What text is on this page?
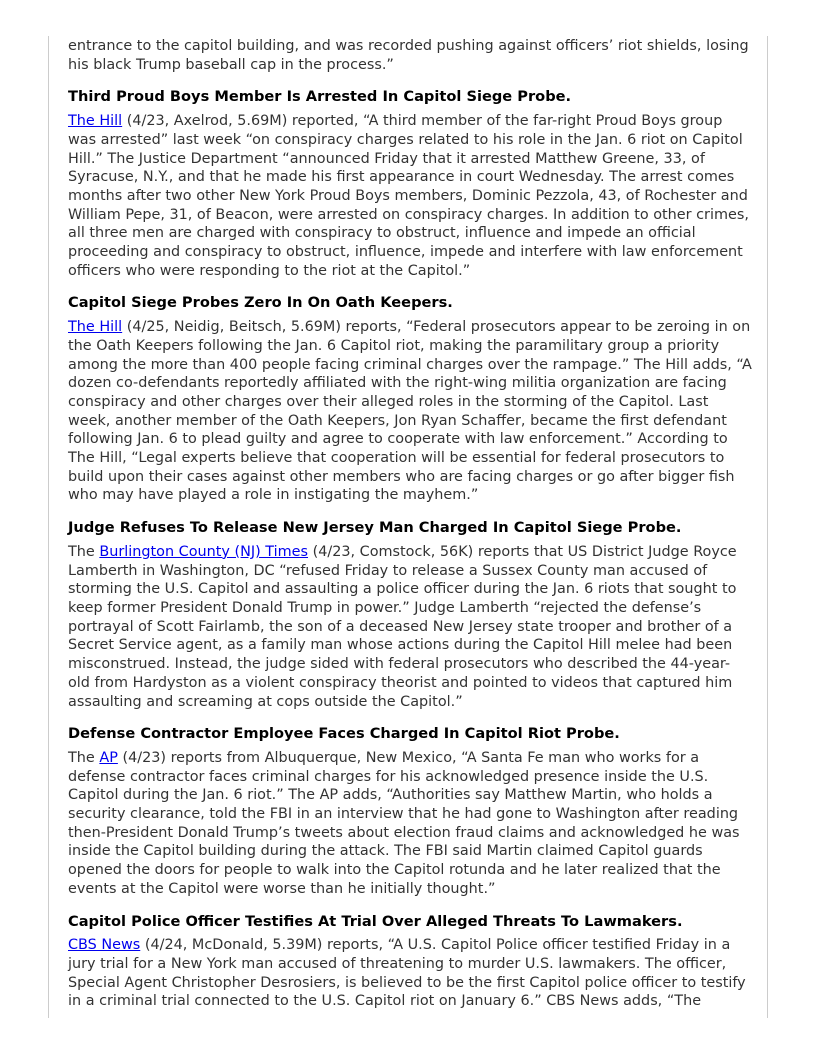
entrance to the capitol building, and was recorded pushing against officers’ riot shields, losing his black Trump baseball cap in the process.”

Third Proud Boys Member Is Arrested In Capitol Siege Probe.

The Hill (4/23, Axelrod, 5.69M) reported, “A third member of the far-right Proud Boys group was arrested” last week “on conspiracy charges related to his role in the Jan. 6 riot on Capitol Hill.” The Justice Department “announced Friday that it arrested Matthew Greene, 33, of Syracuse, N.Y., and that he made his first appearance in court Wednesday. The arrest comes months after two other New York Proud Boys members, Dominic Pezzola, 43, of Rochester and William Pepe, 31, of Beacon, were arrested on conspiracy charges. In addition to other crimes, all three men are charged with conspiracy to obstruct, influence and impede an official proceeding and conspiracy to obstruct, influence, impede and interfere with law enforcement officers who were responding to the riot at the Capitol.”

Capitol Siege Probes Zero In On Oath Keepers.

The Hill (4/25, Neidig, Beitsch, 5.69M) reports, “Federal prosecutors appear to be zeroing in on the Oath Keepers following the Jan. 6 Capitol riot, making the paramilitary group a priority among the more than 400 people facing criminal charges over the rampage.” The Hill adds, “A dozen co-defendants reportedly affiliated with the right-wing militia organization are facing conspiracy and other charges over their alleged roles in the storming of the Capitol. Last week, another member of the Oath Keepers, Jon Ryan Schaffer, became the first defendant following Jan. 6 to plead guilty and agree to cooperate with law enforcement.” According to The Hill, “Legal experts believe that cooperation will be essential for federal prosecutors to build upon their cases against other members who are facing charges or go after bigger fish who may have played a role in instigating the mayhem.”

Judge Refuses To Release New Jersey Man Charged In Capitol Siege Probe.

The Burlington County (NJ) Times (4/23, Comstock, 56K) reports that US District Judge Royce Lamberth in Washington, DC “refused Friday to release a Sussex County man accused of storming the U.S. Capitol and assaulting a police officer during the Jan. 6 riots that sought to keep former President Donald Trump in power.” Judge Lamberth “rejected the defense’s portrayal of Scott Fairlamb, the son of a deceased New Jersey state trooper and brother of a Secret Service agent, as a family man whose actions during the Capitol Hill melee had been misconstrued. Instead, the judge sided with federal prosecutors who described the 44-year-old from Hardyston as a violent conspiracy theorist and pointed to videos that captured him assaulting and screaming at cops outside the Capitol.”

Defense Contractor Employee Faces Charged In Capitol Riot Probe.

The AP (4/23) reports from Albuquerque, New Mexico, “A Santa Fe man who works for a defense contractor faces criminal charges for his acknowledged presence inside the U.S. Capitol during the Jan. 6 riot.” The AP adds, “Authorities say Matthew Martin, who holds a security clearance, told the FBI in an interview that he had gone to Washington after reading then-President Donald Trump’s tweets about election fraud claims and acknowledged he was inside the Capitol building during the attack. The FBI said Martin claimed Capitol guards opened the doors for people to walk into the Capitol rotunda and he later realized that the events at the Capitol were worse than he initially thought.”

Capitol Police Officer Testifies At Trial Over Alleged Threats To Lawmakers.

CBS News (4/24, McDonald, 5.39M) reports, “A U.S. Capitol Police officer testified Friday in a jury trial for a New York man accused of threatening to murder U.S. lawmakers. The officer, Special Agent Christopher Desrosiers, is believed to be the first Capitol police officer to testify in a criminal trial connected to the U.S. Capitol riot on January 6.” CBS News adds, “The
